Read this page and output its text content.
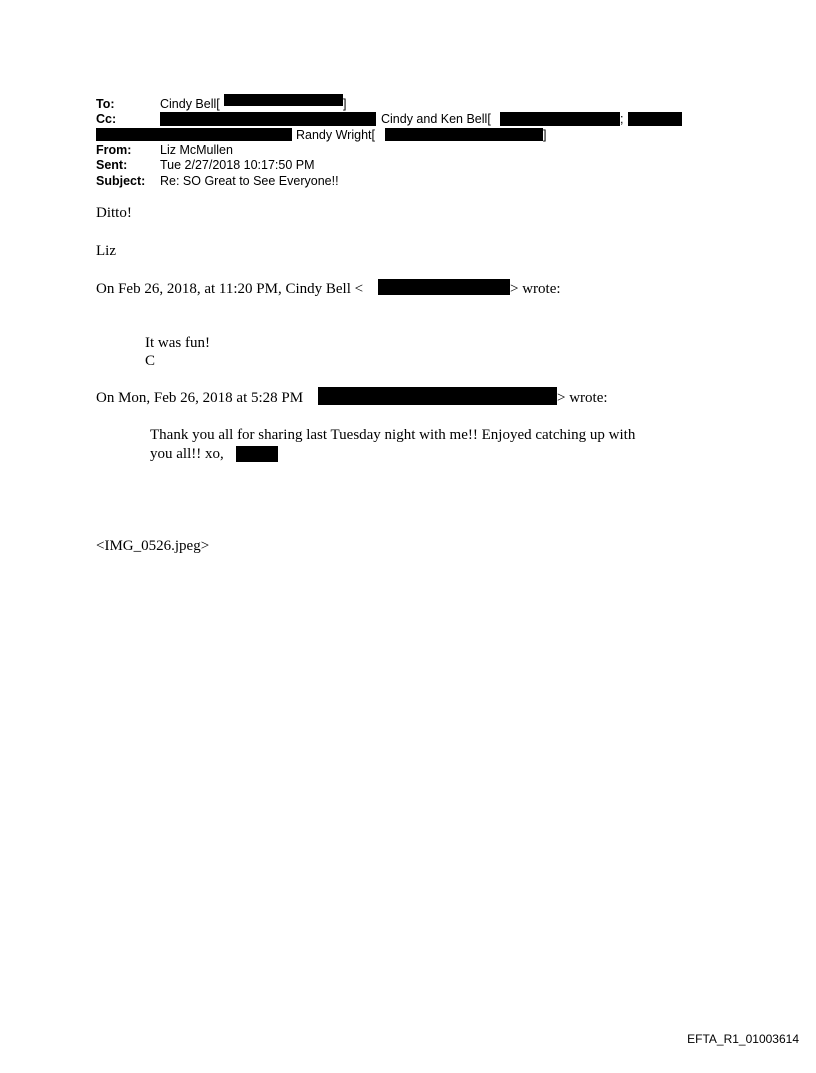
To:	Cindy Bell[	]
Cc:	Cindy and Ken Bell[	;
Randy Wright[	]
From: Liz McMullen
Sent:	Tue 2/27/2018 10:17:50 PM
Subject: Re: SO Great to See Everyone!!
Ditto!
Liz
On Feb 26, 2018, at 11:20 PM, Cindy Bell <	> wrote:
It was fun!
C
On Mon, Feb 26, 2018 at 5:28 PM	> wrote:
Thank you all for sharing last Tuesday night with me!! Enjoyed catching up with
you all!! xo,
<IMG_0526.jpeg>
EFTA_R1_01003614
